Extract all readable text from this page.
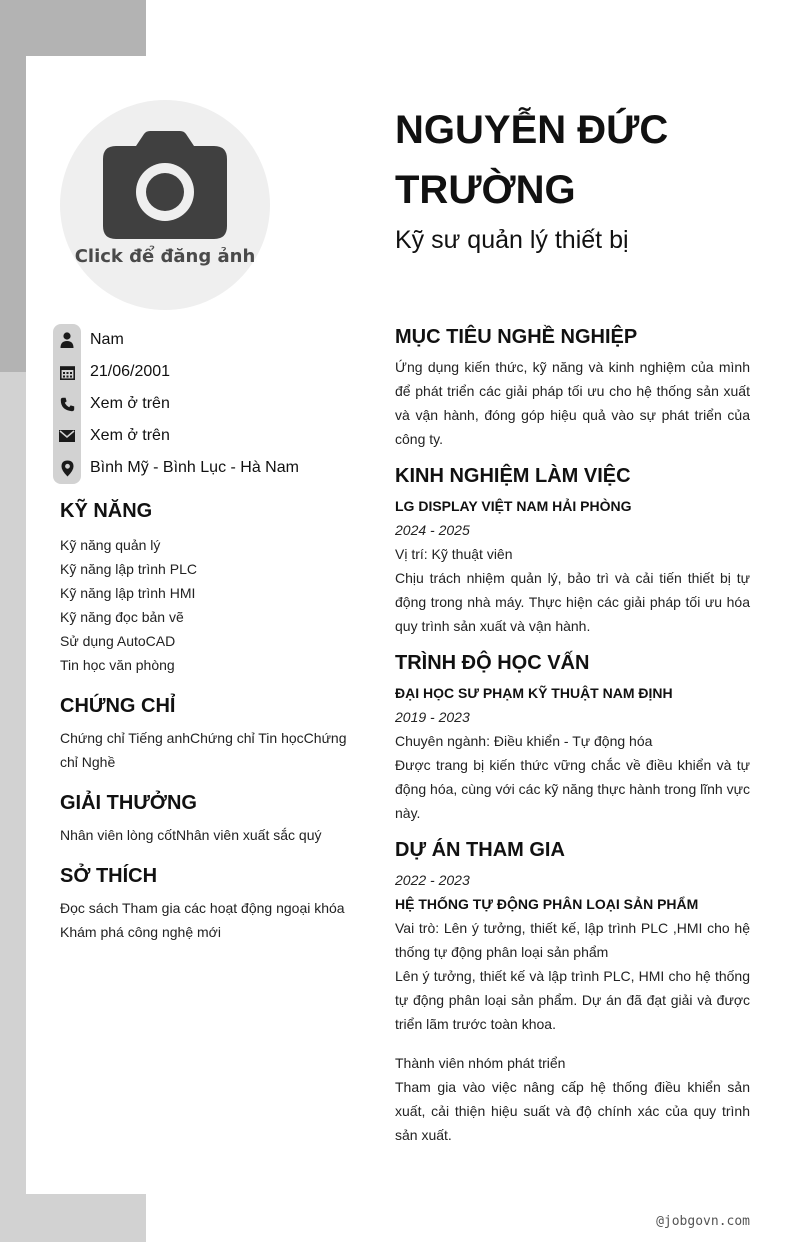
Click để đăng ảnh
Nam
21/06/2001
Xem ở trên
Xem ở trên
Bình Mỹ - Bình Lục - Hà Nam
KỸ NĂNG
Kỹ năng quản lý
Kỹ năng lập trình PLC
Kỹ năng lập trình HMI
Kỹ năng đọc bản vẽ
Sử dụng AutoCAD
Tin học văn phòng
CHỨNG CHỈ
Chứng chỉ Tiếng anhChứng chỉ Tin họcChứng chỉ Nghề
GIẢI THƯỞNG
Nhân viên lòng cốtNhân viên xuất sắc quý
SỞ THÍCH
Đọc sách Tham gia các hoạt động ngoại khóa Khám phá công nghệ mới
NGUYỄN ĐỨC TRƯỜNG
Kỹ sư quản lý thiết bị
MỤC TIÊU NGHỀ NGHIỆP
Ứng dụng kiến thức, kỹ năng và kinh nghiệm của mình để phát triển các giải pháp tối ưu cho hệ thống sản xuất và vận hành, đóng góp hiệu quả vào sự phát triển của công ty.
KINH NGHIỆM LÀM VIỆC
LG DISPLAY VIỆT NAM HẢI PHÒNG
2024 - 2025
Vị trí: Kỹ thuật viên
Chịu trách nhiệm quản lý, bảo trì và cải tiến thiết bị tự động trong nhà máy. Thực hiện các giải pháp tối ưu hóa quy trình sản xuất và vận hành.
TRÌNH ĐỘ HỌC VẤN
ĐẠI HỌC SƯ PHẠM KỸ THUẬT NAM ĐỊNH
2019 - 2023
Chuyên ngành: Điều khiển - Tự động hóa
Được trang bị kiến thức vững chắc về điều khiển và tự động hóa, cùng với các kỹ năng thực hành trong lĩnh vực này.
DỰ ÁN THAM GIA
2022 - 2023
HỆ THỐNG TỰ ĐỘNG PHÂN LOẠI SẢN PHẨM
Vai trò: Lên ý tưởng, thiết kế, lập trình PLC ,HMI cho hệ thống tự động phân loại sản phẩm
Lên ý tưởng, thiết kế và lập trình PLC, HMI cho hệ thống tự động phân loại sản phẩm. Dự án đã đạt giải và được triển lãm trước toàn khoa.
Thành viên nhóm phát triển
Tham gia vào việc nâng cấp hệ thống điều khiển sản xuất, cải thiện hiệu suất và độ chính xác của quy trình sản xuất.
@jobgovn.com
